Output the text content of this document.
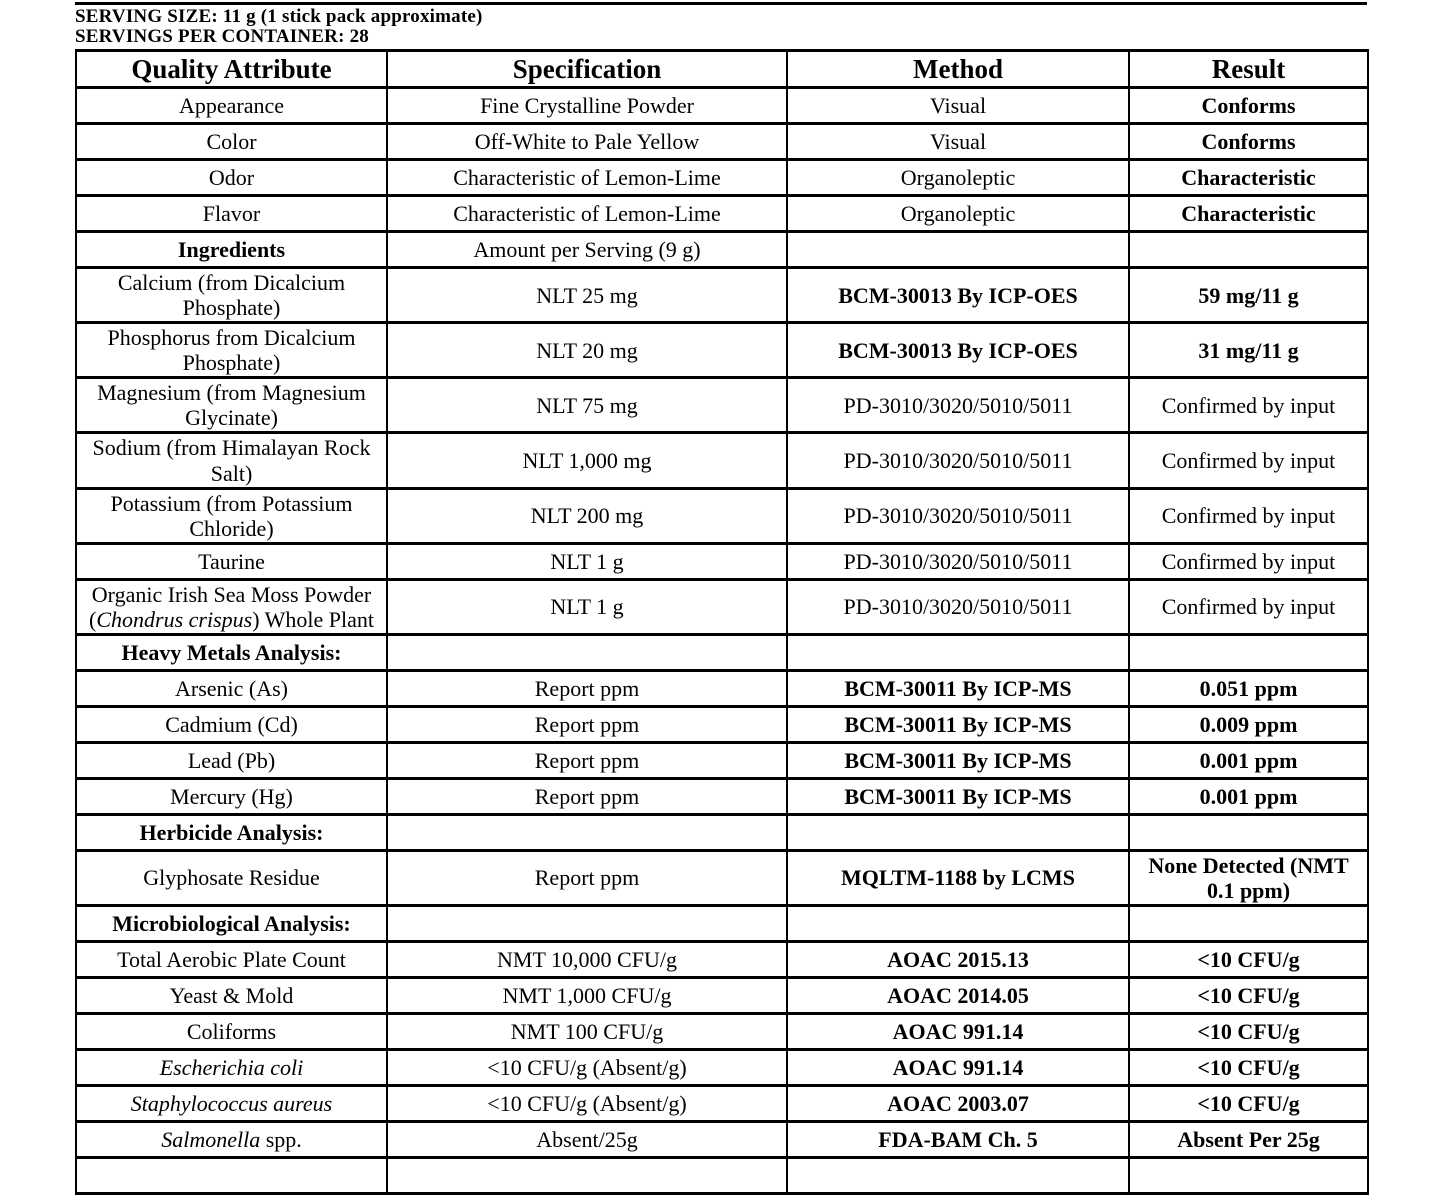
SERVING SIZE: 11 g (1 stick pack approximate)

SERVINGS PER CONTAINER: 28

Quality Attribute	Specification	Method	Result
Appearance	Fine Crystalline Powder	Visual	Conforms
Color	Off-White to Pale Yellow	Visual	Conforms
Odor	Characteristic of Lemon-Lime	Organoleptic	Characteristic
Flavor	Characteristic of Lemon-Lime	Organoleptic	Characteristic
Ingredients	Amount per Serving (9 g)		
Calcium (from Dicalcium Phosphate)	NLT 25 mg	BCM-30013 By ICP-OES	59 mg/11 g
Phosphorus from Dicalcium Phosphate)	NLT 20 mg	BCM-30013 By ICP-OES	31 mg/11 g
Magnesium (from Magnesium Glycinate)	NLT 75 mg	PD-3010/3020/5010/5011	Confirmed by input
Sodium (from Himalayan Rock Salt)	NLT 1,000 mg	PD-3010/3020/5010/5011	Confirmed by input
Potassium (from Potassium Chloride)	NLT 200 mg	PD-3010/3020/5010/5011	Confirmed by input
Taurine	NLT 1 g	PD-3010/3020/5010/5011	Confirmed by input
Organic Irish Sea Moss Powder (Chondrus crispus) Whole Plant	NLT 1 g	PD-3010/3020/5010/5011	Confirmed by input
Heavy Metals Analysis:			
Arsenic (As)	Report ppm	BCM-30011 By ICP-MS	0.051 ppm
Cadmium (Cd)	Report ppm	BCM-30011 By ICP-MS	0.009 ppm
Lead (Pb)	Report ppm	BCM-30011 By ICP-MS	0.001 ppm
Mercury (Hg)	Report ppm	BCM-30011 By ICP-MS	0.001 ppm
Herbicide Analysis:			
Glyphosate Residue	Report ppm	MQLTM-1188 by LCMS	None Detected (NMT 0.1 ppm)
Microbiological Analysis:			
Total Aerobic Plate Count	NMT 10,000 CFU/g	AOAC 2015.13	<10 CFU/g
Yeast & Mold	NMT 1,000 CFU/g	AOAC 2014.05	<10 CFU/g
Coliforms	NMT 100 CFU/g	AOAC 991.14	<10 CFU/g
Escherichia coli	<10 CFU/g (Absent/g)	AOAC 991.14	<10 CFU/g
Staphylococcus aureus	<10 CFU/g (Absent/g)	AOAC 2003.07	<10 CFU/g
Salmonella spp.	Absent/25g	FDA-BAM Ch. 5	Absent Per 25g
